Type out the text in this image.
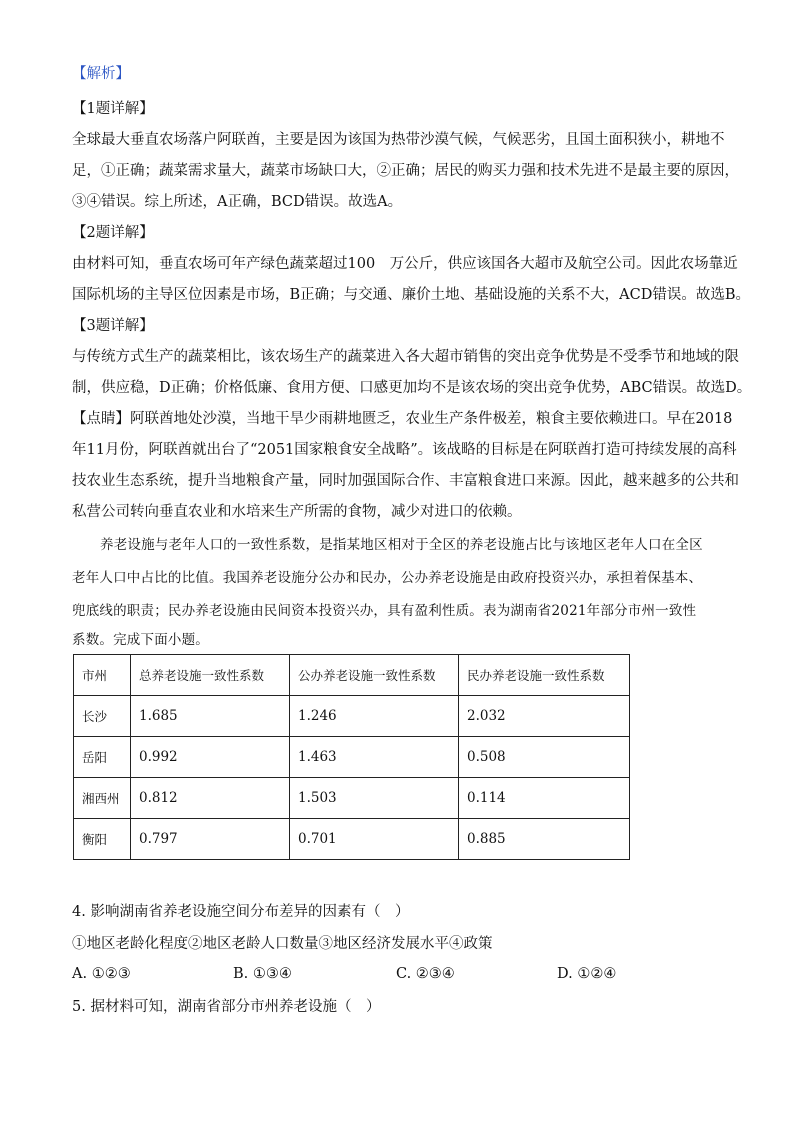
【解析】
【1题详解】
全球最大垂直农场落户阿联酋，主要是因为该国为热带沙漠气候，气候恶劣，且国土面积狭小，耕地不
足，①正确；蔬菜需求量大，蔬菜市场缺口大，②正确；居民的购买力强和技术先进不是最主要的原因，
③④错误。综上所述，A正确，BCD错误。故选A。
【2题详解】
由材料可知，垂直农场可年产绿色蔬菜超过100　万公斤，供应该国各大超市及航空公司。因此农场靠近
国际机场的主导区位因素是市场，B正确；与交通、廉价土地、基础设施的关系不大，ACD错误。故选B。
【3题详解】
与传统方式生产的蔬菜相比，该农场生产的蔬菜进入各大超市销售的突出竞争优势是不受季节和地域的限
制，供应稳，D正确；价格低廉、食用方便、口感更加均不是该农场的突出竞争优势，ABC错误。故选D。
【点睛】阿联酋地处沙漠，当地干旱少雨耕地匮乏，农业生产条件极差，粮食主要依赖进口。早在2018
年11月份，阿联酋就出台了“2051国家粮食安全战略”。该战略的目标是在阿联酋打造可持续发展的高科
技农业生态系统，提升当地粮食产量，同时加强国际合作、丰富粮食进口来源。因此，越来越多的公共和
私营公司转向垂直农业和水培来生产所需的食物，减少对进口的依赖。
养老设施与老年人口的一致性系数，是指某地区相对于全区的养老设施占比与该地区老年人口在全区
老年人口中占比的比值。我国养老设施分公办和民办，公办养老设施是由政府投资兴办，承担着保基本、
兜底线的职责；民办养老设施由民间资本投资兴办，具有盈利性质。表为湖南省2021年部分市州一致性
系数。完成下面小题。
市州	总养老设施一致性系数	公办养老设施一致性系数	民办养老设施一致性系数
长沙	1.685	1.246	2.032
岳阳	0.992	1.463	0.508
湘西州	0.812	1.503	0.114
衡阳	0.797	0.701	0.885
4. 影响湖南省养老设施空间分布差异的因素有（　）
①地区老龄化程度②地区老龄人口数量③地区经济发展水平④政策
A. ①②③	B. ①③④	C. ②③④	D. ①②④
5. 据材料可知，湖南省部分市州养老设施（　）
